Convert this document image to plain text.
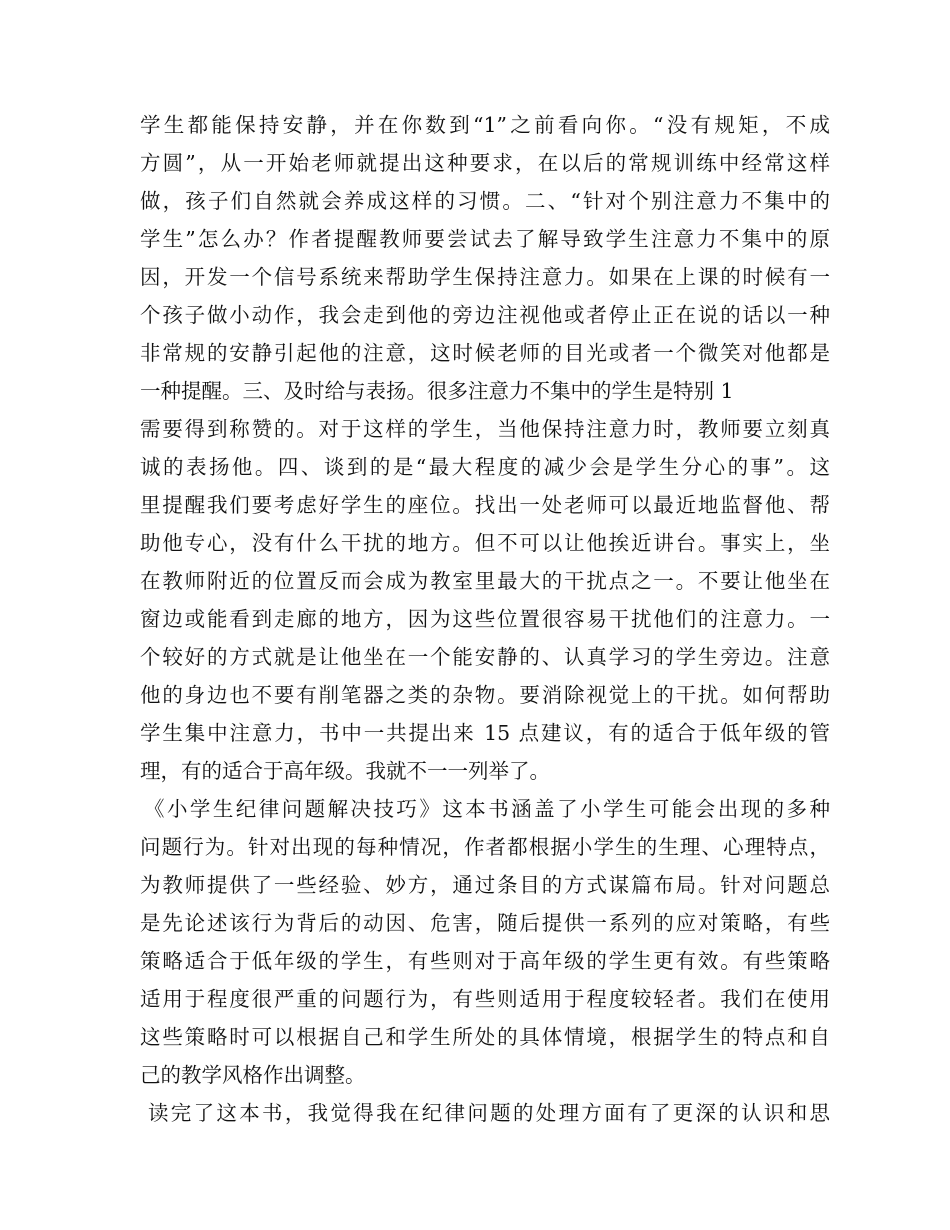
学生都能保持安静，并在你数到“1”之前看向你。“没有规矩，不成
方圆”，从一开始老师就提出这种要求，在以后的常规训练中经常这样
做，孩子们自然就会养成这样的习惯。二、“针对个别注意力不集中的
学生”怎么办？作者提醒教师要尝试去了解导致学生注意力不集中的原
因，开发一个信号系统来帮助学生保持注意力。如果在上课的时候有一
个孩子做小动作，我会走到他的旁边注视他或者停止正在说的话以一种
非常规的安静引起他的注意，这时候老师的目光或者一个微笑对他都是
一种提醒。三、及时给与表扬。很多注意力不集中的学生是特别 1
需要得到称赞的。对于这样的学生，当他保持注意力时，教师要立刻真
诚的表扬他。四、谈到的是“最大程度的减少会是学生分心的事”。这
里提醒我们要考虑好学生的座位。找出一处老师可以最近地监督他、帮
助他专心，没有什么干扰的地方。但不可以让他挨近讲台。事实上，坐
在教师附近的位置反而会成为教室里最大的干扰点之一。不要让他坐在
窗边或能看到走廊的地方，因为这些位置很容易干扰他们的注意力。一
个较好的方式就是让他坐在一个能安静的、认真学习的学生旁边。注意
他的身边也不要有削笔器之类的杂物。要消除视觉上的干扰。如何帮助
学生集中注意力，书中一共提出来 15 点建议，有的适合于低年级的管
理，有的适合于高年级。我就不一一列举了。
《小学生纪律问题解决技巧》这本书涵盖了小学生可能会出现的多种
问题行为。针对出现的每种情况，作者都根据小学生的生理、心理特点，
为教师提供了一些经验、妙方，通过条目的方式谋篇布局。针对问题总
是先论述该行为背后的动因、危害，随后提供一系列的应对策略，有些
策略适合于低年级的学生，有些则对于高年级的学生更有效。有些策略
适用于程度很严重的问题行为，有些则适用于程度较轻者。我们在使用
这些策略时可以根据自己和学生所处的具体情境，根据学生的特点和自
己的教学风格作出调整。
读完了这本书，我觉得我在纪律问题的处理方面有了更深的认识和思
